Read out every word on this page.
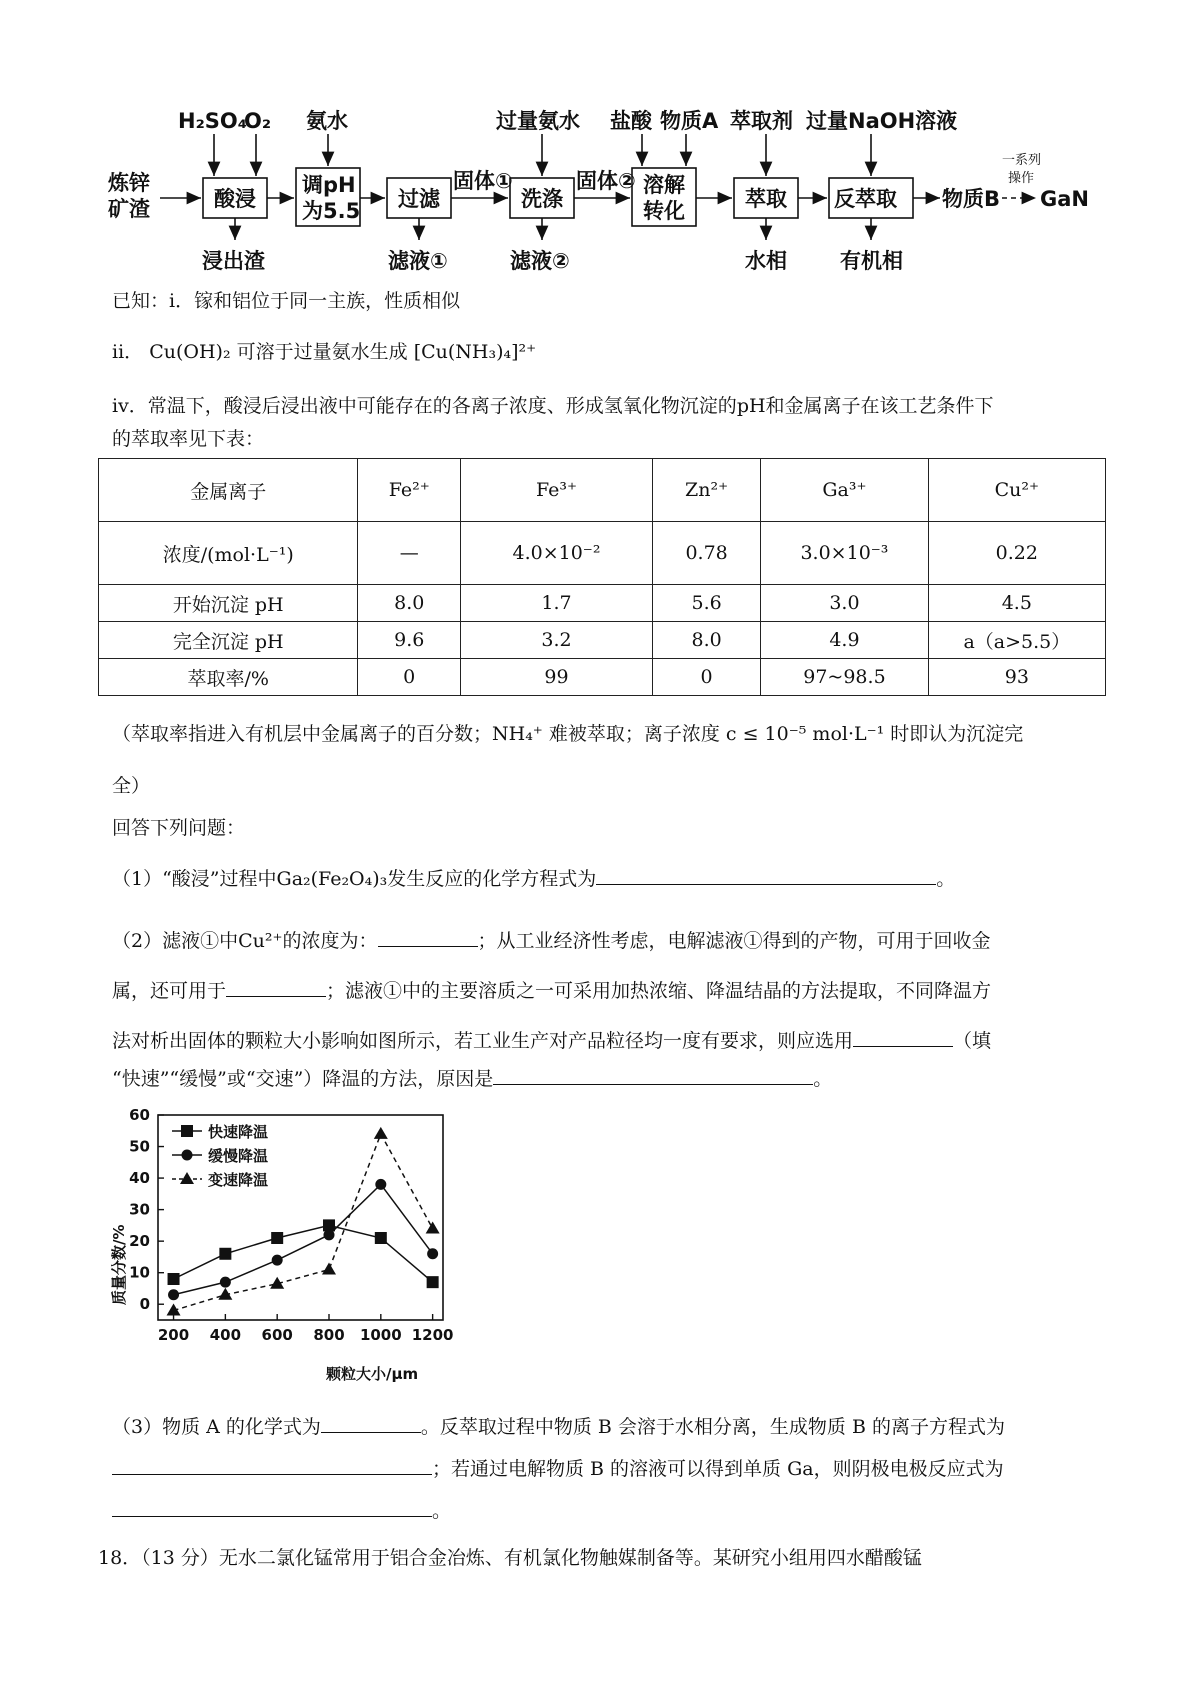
炼锌
矿渣
H₂SO₄
O₂ 氨水	过量氨水 盐酸 物质A 萃取剂 过量NaOH溶液
酸浸
调pH
为5.5 过滤	洗涤
溶解
转化	萃取 反萃取
固体①	固体②
浸出渣	滤液①	滤液②	水相	有机相
物质B
一系列
操作
GaN
已知：ⅰ．镓和铝位于同一主族，性质相似
ⅱ． Cu(OH)₂ 可溶于过量氨水生成 [Cu(NH₃)₄]²⁺
ⅳ．常温下，酸浸后浸出液中可能存在的各离子浓度、形成氢氧化物沉淀的pH和金属离子在该工艺条件下
的萃取率见下表：
金属离子	Fe²⁺	Fe³⁺	Zn²⁺	Ga³⁺	Cu²⁺
浓度/(mol·L⁻¹)	—	4.0×10⁻²	0.78	3.0×10⁻³	0.22
开始沉淀 pH	8.0	1.7	5.6	3.0	4.5
完全沉淀 pH	9.6	3.2	8.0	4.9	a（a>5.5）
萃取率/%	0	99	0	97~98.5	93
（萃取率指进入有机层中金属离子的百分数；NH₄⁺ 难被萃取；离子浓度 c ≤ 10⁻⁵ mol·L⁻¹ 时即认为沉淀完
全）
回答下列问题：
（1）“酸浸”过程中Ga₂(Fe₂O₄)₃发生反应的化学方程式为	。
（2）滤液①中Cu²⁺的浓度为：	；从工业经济性考虑，电解滤液①得到的产物，可用于回收金
属，还可用于	；滤液①中的主要溶质之一可采用加热浓缩、降温结晶的方法提取，不同降温方
法对析出固体的颗粒大小影响如图所示，若工业生产对产品粒径均一度有要求，则应选用	（填
“快速”“缓慢”或“交速”）降温的方法，原因是	。
0
10
20
30
40
50
60
200 400 600 800 1000 1200
快速降温
缓慢降温
变速降温
质量分数/%
颗粒大小/μm
（3）物质 A 的化学式为	。反萃取过程中物质 B 会溶于水相分离，生成物质 B 的离子方程式为
；若通过电解物质 B 的溶液可以得到单质 Ga，则阴极电极反应式为
。
18．（13 分）无水二氯化锰常用于铝合金冶炼、有机氯化物触媒制备等。某研究小组用四水醋酸锰
